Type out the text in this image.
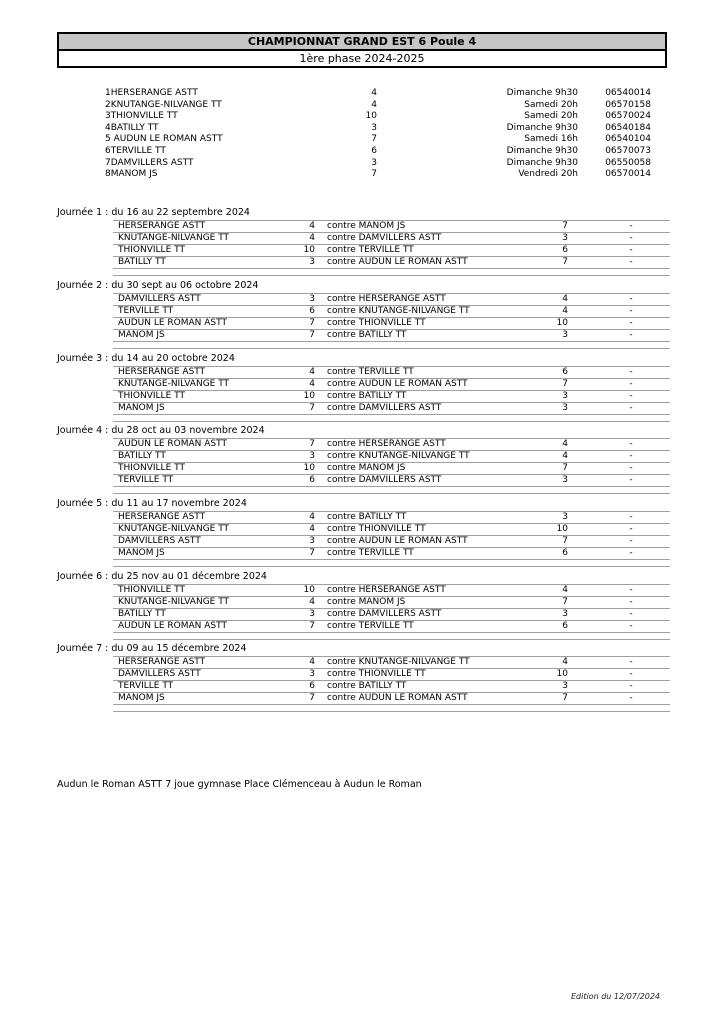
CHAMPIONNAT GRAND EST 6 Poule 4
1ère phase 2024-2025
1HERSERANGE ASTT	4	Dimanche 9h30	06540014
2KNUTANGE-NILVANGE TT	4	Samedi 20h	06570158
3THIONVILLE TT	10	Samedi 20h	06570024
4BATILLY TT	3	Dimanche 9h30	06540184
5 AUDUN LE ROMAN ASTT	7	Samedi 16h	06540104
6TERVILLE TT	6	Dimanche 9h30	06570073
7DAMVILLERS ASTT	3	Dimanche 9h30	06550058
8MANOM JS	7	Vendredi 20h	06570014
Journée 1 : du 16 au 22 septembre 2024
HERSERANGE ASTT	4 contre MANOM JS	7	-
KNUTANGE-NILVANGE TT	4 contre DAMVILLERS ASTT	3	-
THIONVILLE TT	10 contre TERVILLE TT	6	-
BATILLY TT	3 contre AUDUN LE ROMAN ASTT	7	-
Journée 2 : du 30 sept au 06 octobre 2024
DAMVILLERS ASTT	3 contre HERSERANGE ASTT	4	-
TERVILLE TT	6 contre KNUTANGE-NILVANGE TT	4	-
AUDUN LE ROMAN ASTT	7 contre THIONVILLE TT	10	-
MANOM JS	7 contre BATILLY TT	3	-
Journée 3 : du 14 au 20 octobre 2024
HERSERANGE ASTT	4 contre TERVILLE TT	6	-
KNUTANGE-NILVANGE TT	4 contre AUDUN LE ROMAN ASTT	7	-
THIONVILLE TT	10 contre BATILLY TT	3	-
MANOM JS	7 contre DAMVILLERS ASTT	3	-
Journée 4 : du 28 oct au 03 novembre 2024
AUDUN LE ROMAN ASTT	7 contre HERSERANGE ASTT	4	-
BATILLY TT	3 contre KNUTANGE-NILVANGE TT	4	-
THIONVILLE TT	10 contre MANOM JS	7	-
TERVILLE TT	6 contre DAMVILLERS ASTT	3	-
Journée 5 : du 11 au 17 novembre 2024
HERSERANGE ASTT	4 contre BATILLY TT	3	-
KNUTANGE-NILVANGE TT	4 contre THIONVILLE TT	10	-
DAMVILLERS ASTT	3 contre AUDUN LE ROMAN ASTT	7	-
MANOM JS	7 contre TERVILLE TT	6	-
Journée 6 : du 25 nov au 01 décembre 2024
THIONVILLE TT	10 contre HERSERANGE ASTT	4	-
KNUTANGE-NILVANGE TT	4 contre MANOM JS	7	-
BATILLY TT	3 contre DAMVILLERS ASTT	3	-
AUDUN LE ROMAN ASTT	7 contre TERVILLE TT	6	-
Journée 7 : du 09 au 15 décembre 2024
HERSERANGE ASTT	4 contre KNUTANGE-NILVANGE TT	4	-
DAMVILLERS ASTT	3 contre THIONVILLE TT	10	-
TERVILLE TT	6 contre BATILLY TT	3	-
MANOM JS	7 contre AUDUN LE ROMAN ASTT	7	-
Audun le Roman ASTT 7 joue gymnase Place Clémenceau à Audun le Roman
Edition du 12/07/2024
